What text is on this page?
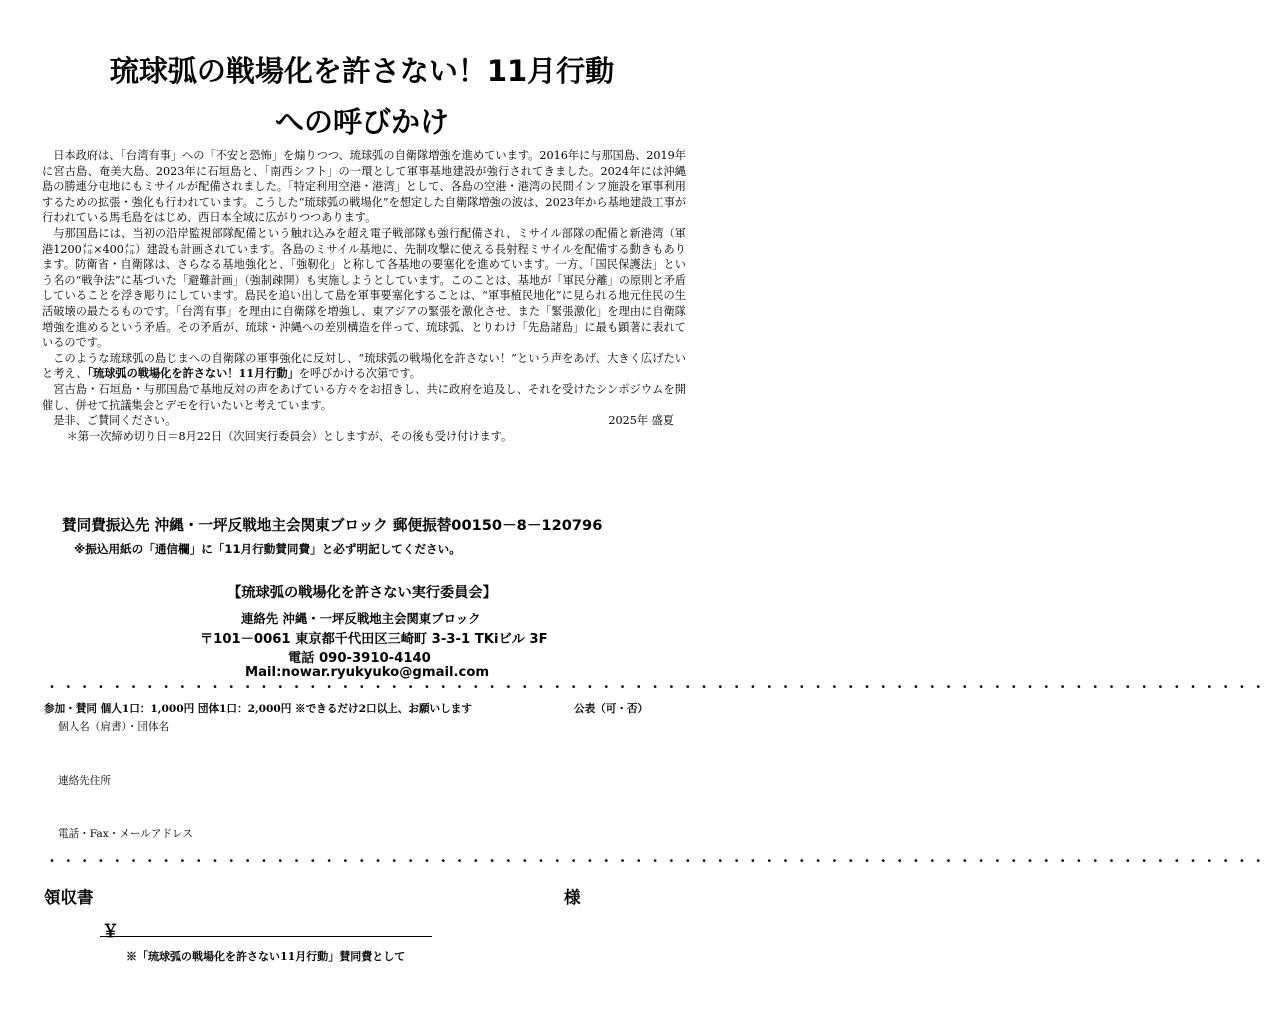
琉球弧の戦場化を許さない！11月行動
への呼びかけ

日本政府は、「台湾有事」への「不安と恐怖」を煽りつつ、琉球弧の自衛隊増強を進めています。2016年に与那国島、2019年に宮古島、奄美大島、2023年に石垣島と、「南西シフト」の一環として軍事基地建設が強行されてきました。2024年には沖縄島の勝連分屯地にもミサイルが配備されました。「特定利用空港・港湾」として、各島の空港・港湾の民間インフ施設を軍事利用するための拡張・強化も行われています。こうした“琉球弧の戦場化”を想定した自衛隊増強の波は、2023年から基地建設工事が行われている馬毛島をはじめ、西日本全域に広がりつつあります。

与那国島には、当初の沿岸監視部隊配備という触れ込みを超え電子戦部隊も強行配備され、ミサイル部隊の配備と新港湾（軍港1200㍍×400㍍）建設も計画されています。各島のミサイル基地に、先制攻撃に使える長射程ミサイルを配備する動きもあります。防衛省・自衛隊は、さらなる基地強化と、「強靭化」と称して各基地の要塞化を進めています。一方、「国民保護法」という名の“戦争法”に基づいた「避難計画」（強制疎開）も実施しようとしています。このことは、基地が「軍民分離」の原則と矛盾していることを浮き彫りにしています。島民を追い出して島を軍事要塞化することは、“軍事植民地化”に見られる地元住民の生活破壊の最たるものです。「台湾有事」を理由に自衛隊を増強し、東アジアの緊張を激化させ、また「緊張激化」を理由に自衛隊増強を進めるという矛盾。その矛盾が、琉球・沖縄への差別構造を伴って、琉球弧、とりわけ「先島諸島」に最も顕著に表れているのです。

このような琉球弧の島じまへの自衛隊の軍事強化に反対し、“琉球弧の戦場化を許さない！”という声をあげ、大きく広げたいと考え、「琉球弧の戦場化を許さない！11月行動」を呼びかける次第です。

宮古島・石垣島・与那国島で基地反対の声をあげている方々をお招きし、共に政府を追及し、それを受けたシンポジウムを開催し、併せて抗議集会とデモを行いたいと考えています。

是非、ご賛同ください。	2025年 盛夏
＊第一次締め切り日＝8月22日（次回実行委員会）としますが、その後も受け付けます。
賛同費振込先 沖縄・一坪反戦地主会関東ブロック 郵便振替00150－8－120796
※振込用紙の「通信欄」に「11月行動賛同費」と必ず明記してください。
【琉球弧の戦場化を許さない実行委員会】
連絡先 沖縄・一坪反戦地主会関東ブロック
〒101－0061 東京都千代田区三崎町 3-3-1 TKiビル 3F
電話 090-3910-4140
Mail:nowar.ryukyuko@gmail.com
・・・・・・・・・・・・・・・・・・・・・・・・・・・・・・・・・・・・・・・・・・・・・・・・・・・・・・・・・・・・・・・・・・・・・・・・・・・
参加・賛同 個人1口：1,000円 団体1口：2,000円 ※できるだけ2口以上、お願いします	公表（可・否）
個人名（肩書）・団体名
連絡先住所
電話・Fax・メールアドレス
・・・・・・・・・・・・・・・・・・・・・・・・・・・・・・・・・・・・・・・・・・・・・・・・・・・・・・・・・・・・・・・・・・・・・・・・・・・
領収書	様
￥
※「琉球弧の戦場化を許さない11月行動」賛同費として
